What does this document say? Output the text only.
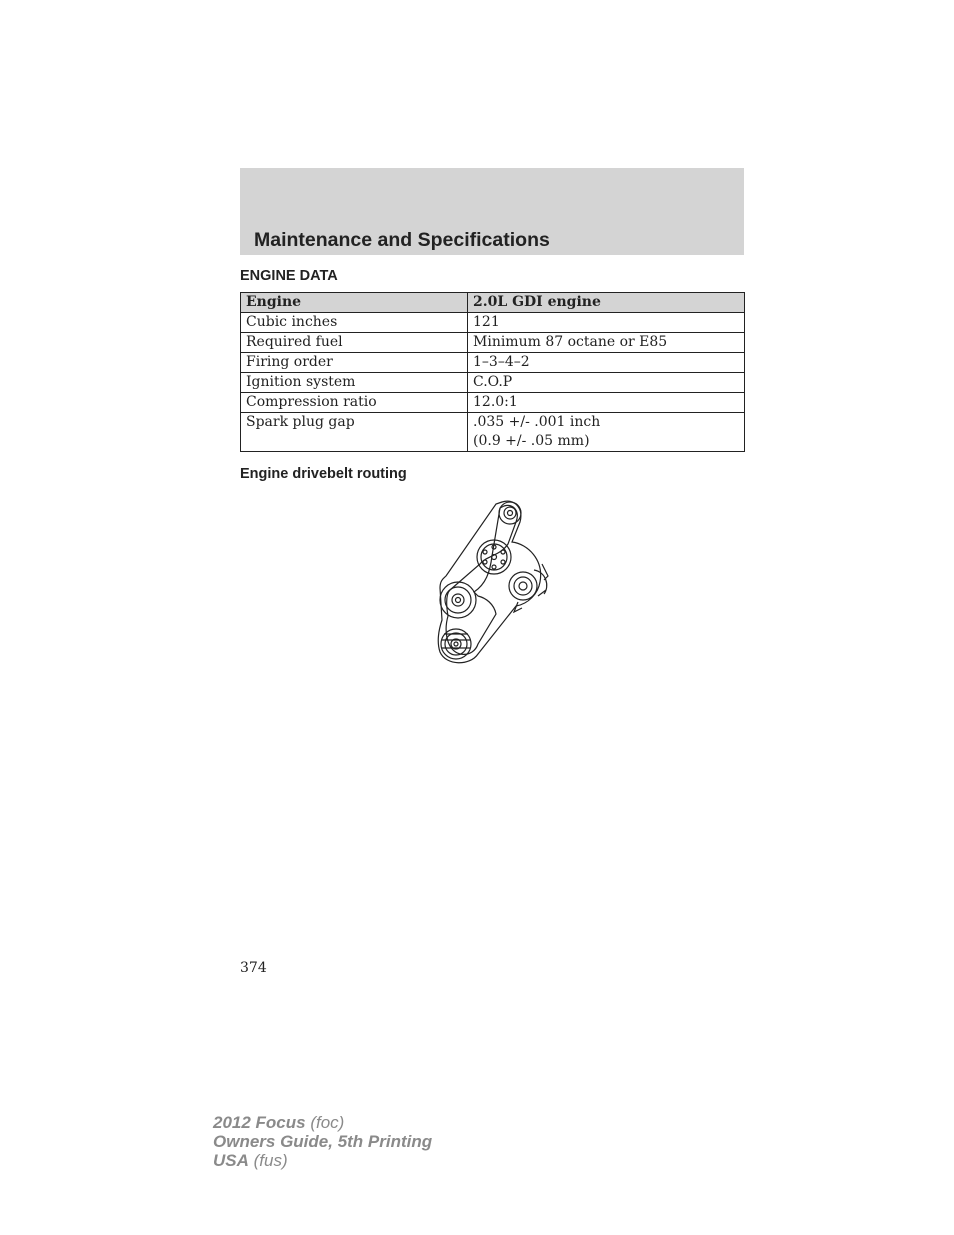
Maintenance and Specifications
ENGINE DATA
Engine	2.0L GDI engine
Cubic inches	121
Required fuel	Minimum 87 octane or E85
Firing order	1–3–4–2
Ignition system	C.O.P
Compression ratio	12.0:1
Spark plug gap	.035 +/- .001 inch
(0.9 +/- .05 mm)
Engine drivebelt routing
374
2012 Focus (foc)
Owners Guide, 5th Printing
USA (fus)
